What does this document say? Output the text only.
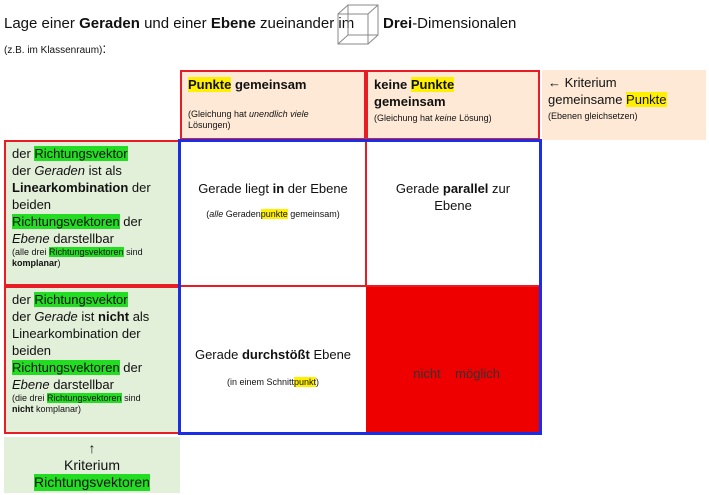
Lage einer Geraden und einer Ebene zueinander im Drei-Dimensionalen
(z.B. im Klassenraum):
Punkte gemeinsam
(Gleichung hat unendlich viele
Lösungen)
keine Punkte
gemeinsam
(Gleichung hat keine Lösung)
← Kriterium
gemeinsame Punkte
(Ebenen gleichsetzen)
der Richtungsvektor
der Geraden ist als
Linearkombination der
beiden
Richtungsvektoren der
Ebene darstellbar
(alle drei Richtungsvektoren sind
komplanar)
der Richtungsvektor
der Gerade ist nicht als
Linearkombination der
beiden
Richtungsvektoren der
Ebene darstellbar
(die drei Richtungsvektoren sind
nicht komplanar)
Gerade liegt in der Ebene
(alle Geradenpunkte gemeinsam)
Gerade parallel zur
Ebene
Gerade durchstößt Ebene
(in einem Schnittpunkt)

nicht    möglich

↑
Kriterium
Richtungsvektoren
